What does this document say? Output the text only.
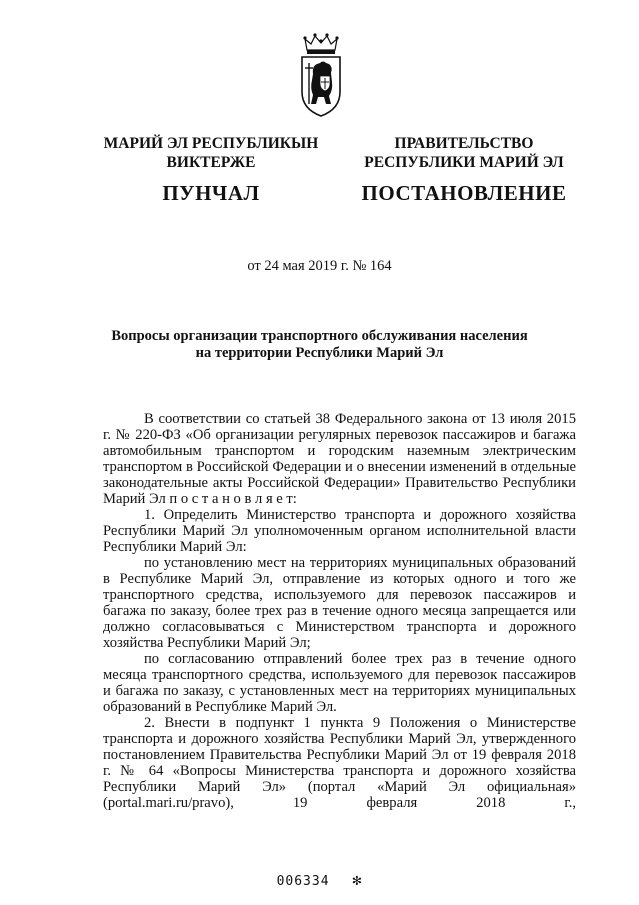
МАРИЙ ЭЛ РЕСПУБЛИКЫН
ВИКТЕРЖЕ
ПУНЧАЛ
ПРАВИТЕЛЬСТВО
РЕСПУБЛИКИ МАРИЙ ЭЛ
ПОСТАНОВЛЕНИЕ
от 24 мая 2019 г. № 164
Вопросы организации транспортного обслуживания населения
на территории Республики Марий Эл

В соответствии со статьей 38 Федерального закона от 13 июля 2015 г. № 220-ФЗ «Об организации регулярных перевозок пассажиров и багажа автомобильным транспортом и городским наземным электрическим транспортом в Российской Федерации и о внесении изменений в отдельные законодательные акты Российской Федерации» Правительство Республики Марий Эл п о с т а н о в л я е т:

1. Определить Министерство транспорта и дорожного хозяйства Республики Марий Эл уполномоченным органом исполнительной власти Республики Марий Эл:

по установлению мест на территориях муниципальных образований в Республике Марий Эл, отправление из которых одного и того же транспортного средства, используемого для перевозок пассажиров и багажа по заказу, более трех раз в течение одного месяца запрещается или должно согласовываться с Министерством транспорта и дорожного хозяйства Республики Марий Эл;

по согласованию отправлений более трех раз в течение одного месяца транспортного средства, используемого для перевозок пассажиров и багажа по заказу, с установленных мест на территориях муниципальных образований в Республике Марий Эл.

2. Внести в подпункт 1 пункта 9 Положения о Министерстве транспорта и дорожного хозяйства Республики Марий Эл, утвержденного постановлением Правительства Республики Марий Эл от 19 февраля 2018 г. № 64 «Вопросы Министерства транспорта и дорожного хозяйства Республики Марий Эл» (портал «Марий Эл официальная» (portal.mari.ru/pravo), 19 февраля 2018 г.,

006334 ✻
